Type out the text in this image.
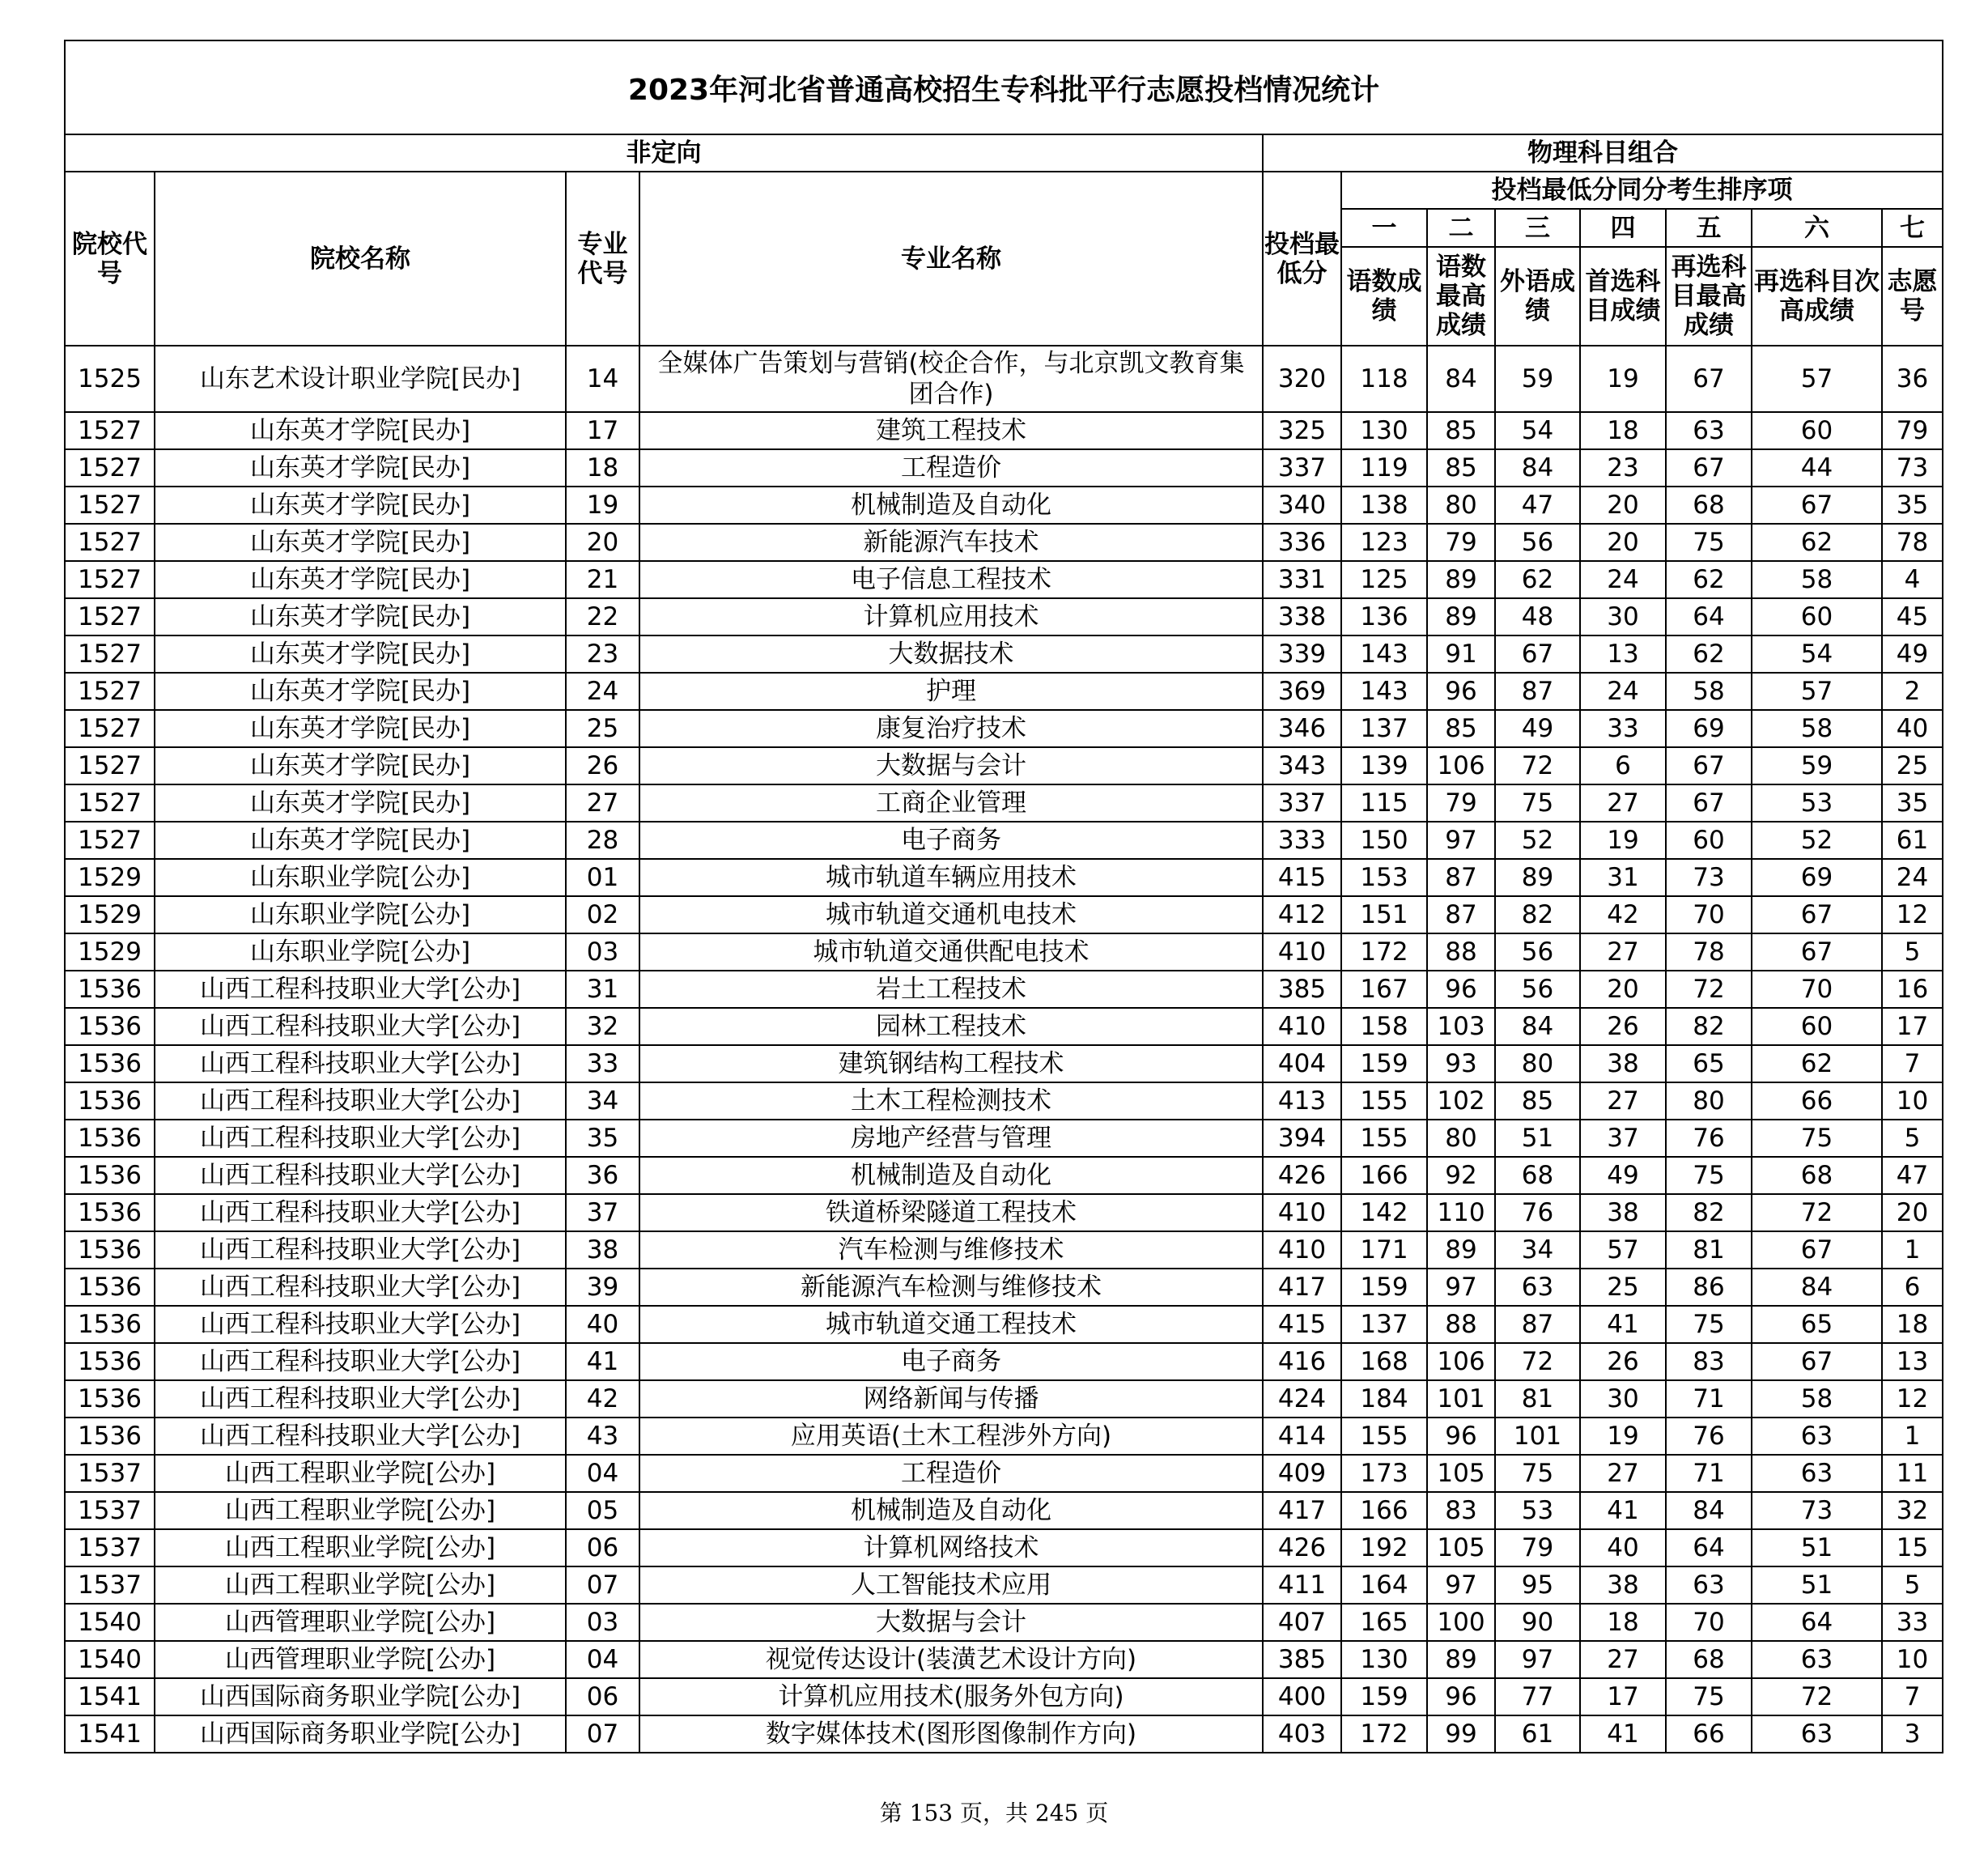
2023年河北省普通高校招生专科批平行志愿投档情况统计											
非定向				物理科目组合							
院校代号	院校名称	专业代号	专业名称	投档最低分	投档最低分同分考生排序项						
					一	二	三	四	五	六	七
					语数成绩	语数最高成绩	外语成绩	首选科目成绩	再选科目最高成绩	再选科目次高成绩	志愿号
1525	山东艺术设计职业学院[民办]	14	全媒体广告策划与营销(校企合作，与北京凯文教育集团合作)	320	118	84	59	19	67	57	36
1527	山东英才学院[民办]	17	建筑工程技术	325	130	85	54	18	63	60	79
1527	山东英才学院[民办]	18	工程造价	337	119	85	84	23	67	44	73
1527	山东英才学院[民办]	19	机械制造及自动化	340	138	80	47	20	68	67	35
1527	山东英才学院[民办]	20	新能源汽车技术	336	123	79	56	20	75	62	78
1527	山东英才学院[民办]	21	电子信息工程技术	331	125	89	62	24	62	58	4
1527	山东英才学院[民办]	22	计算机应用技术	338	136	89	48	30	64	60	45
1527	山东英才学院[民办]	23	大数据技术	339	143	91	67	13	62	54	49
1527	山东英才学院[民办]	24	护理	369	143	96	87	24	58	57	2
1527	山东英才学院[民办]	25	康复治疗技术	346	137	85	49	33	69	58	40
1527	山东英才学院[民办]	26	大数据与会计	343	139	106	72	6	67	59	25
1527	山东英才学院[民办]	27	工商企业管理	337	115	79	75	27	67	53	35
1527	山东英才学院[民办]	28	电子商务	333	150	97	52	19	60	52	61
1529	山东职业学院[公办]	01	城市轨道车辆应用技术	415	153	87	89	31	73	69	24
1529	山东职业学院[公办]	02	城市轨道交通机电技术	412	151	87	82	42	70	67	12
1529	山东职业学院[公办]	03	城市轨道交通供配电技术	410	172	88	56	27	78	67	5
1536	山西工程科技职业大学[公办]	31	岩土工程技术	385	167	96	56	20	72	70	16
1536	山西工程科技职业大学[公办]	32	园林工程技术	410	158	103	84	26	82	60	17
1536	山西工程科技职业大学[公办]	33	建筑钢结构工程技术	404	159	93	80	38	65	62	7
1536	山西工程科技职业大学[公办]	34	土木工程检测技术	413	155	102	85	27	80	66	10
1536	山西工程科技职业大学[公办]	35	房地产经营与管理	394	155	80	51	37	76	75	5
1536	山西工程科技职业大学[公办]	36	机械制造及自动化	426	166	92	68	49	75	68	47
1536	山西工程科技职业大学[公办]	37	铁道桥梁隧道工程技术	410	142	110	76	38	82	72	20
1536	山西工程科技职业大学[公办]	38	汽车检测与维修技术	410	171	89	34	57	81	67	1
1536	山西工程科技职业大学[公办]	39	新能源汽车检测与维修技术	417	159	97	63	25	86	84	6
1536	山西工程科技职业大学[公办]	40	城市轨道交通工程技术	415	137	88	87	41	75	65	18
1536	山西工程科技职业大学[公办]	41	电子商务	416	168	106	72	26	83	67	13
1536	山西工程科技职业大学[公办]	42	网络新闻与传播	424	184	101	81	30	71	58	12
1536	山西工程科技职业大学[公办]	43	应用英语(土木工程涉外方向)	414	155	96	101	19	76	63	1
1537	山西工程职业学院[公办]	04	工程造价	409	173	105	75	27	71	63	11
1537	山西工程职业学院[公办]	05	机械制造及自动化	417	166	83	53	41	84	73	32
1537	山西工程职业学院[公办]	06	计算机网络技术	426	192	105	79	40	64	51	15
1537	山西工程职业学院[公办]	07	人工智能技术应用	411	164	97	95	38	63	51	5
1540	山西管理职业学院[公办]	03	大数据与会计	407	165	100	90	18	70	64	33
1540	山西管理职业学院[公办]	04	视觉传达设计(装潢艺术设计方向)	385	130	89	97	27	68	63	10
1541	山西国际商务职业学院[公办]	06	计算机应用技术(服务外包方向)	400	159	96	77	17	75	72	7
1541	山西国际商务职业学院[公办]	07	数字媒体技术(图形图像制作方向)	403	172	99	61	41	66	63	3
第 153 页，共 245 页
